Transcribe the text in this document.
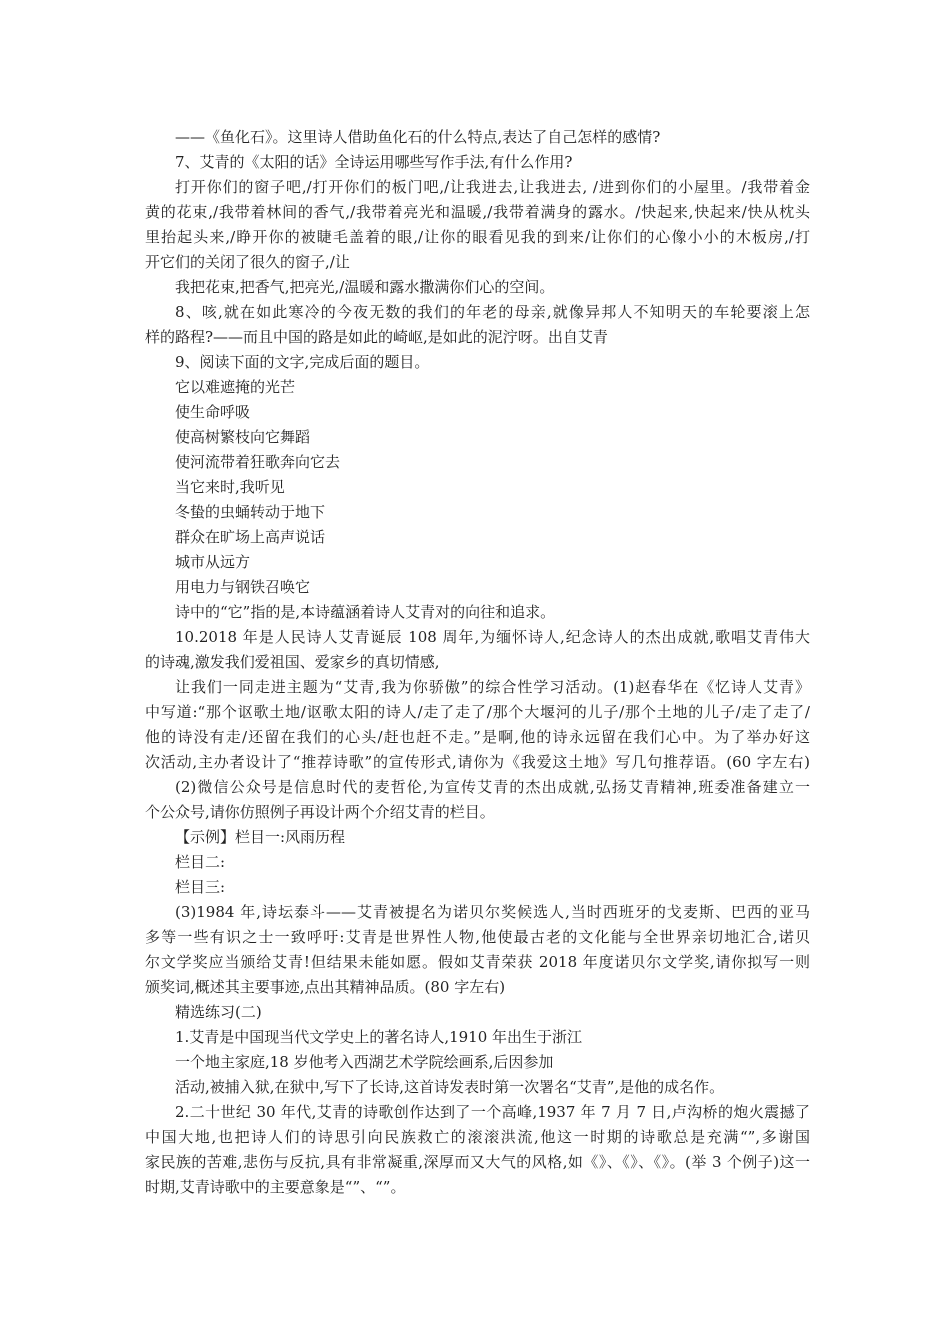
——《鱼化石》。这里诗人借助鱼化石的什么特点,表达了自己怎样的感情?
7、艾青的《太阳的话》全诗运用哪些写作手法,有什么作用?
打开你们的窗子吧,/打开你们的板门吧,/让我进去,让我进去, /进到你们的小屋里。/我带着金
黄的花束,/我带着林间的香气,/我带着亮光和温暖,/我带着满身的露水。/快起来,快起来/快从枕头
里抬起头来,/睁开你的被睫毛盖着的眼,/让你的眼看见我的到来/让你们的心像小小的木板房,/打
开它们的关闭了很久的窗子,/让
我把花束,把香气,把亮光,/温暖和露水撒满你们心的空间。
8、咳,就在如此寒冷的今夜无数的我们的年老的母亲,就像异邦人不知明天的车轮要滚上怎
样的路程?——而且中国的路是如此的崎岖,是如此的泥泞呀。出自艾青
9、阅读下面的文字,完成后面的题目。
它以难遮掩的光芒
使生命呼吸
使高树繁枝向它舞蹈
使河流带着狂歌奔向它去
当它来时,我听见
冬蛰的虫蛹转动于地下
群众在旷场上高声说话
城市从远方
用电力与钢铁召唤它
诗中的“它”指的是,本诗蕴涵着诗人艾青对的向往和追求。
10.2018 年是人民诗人艾青诞辰 108 周年,为缅怀诗人,纪念诗人的杰出成就,歌唱艾青伟大
的诗魂,激发我们爱祖国、爱家乡的真切情感,
让我们一同走进主题为“艾青,我为你骄傲”的综合性学习活动。(1)赵春华在《忆诗人艾青》
中写道:“那个讴歌土地/讴歌太阳的诗人/走了走了/那个大堰河的儿子/那个土地的儿子/走了走了/
他的诗没有走/还留在我们的心头/赶也赶不走。”是啊,他的诗永远留在我们心中。为了举办好这
次活动,主办者设计了“推荐诗歌”的宣传形式,请你为《我爱这土地》写几句推荐语。(60 字左右)
(2)微信公众号是信息时代的麦哲伦,为宣传艾青的杰出成就,弘扬艾青精神,班委准备建立一
个公众号,请你仿照例子再设计两个介绍艾青的栏目。
【示例】栏目一:风雨历程
栏目二:
栏目三:
(3)1984 年,诗坛泰斗——艾青被提名为诺贝尔奖候选人,当时西班牙的戈麦斯、巴西的亚马
多等一些有识之士一致呼吁:艾青是世界性人物,他使最古老的文化能与全世界亲切地汇合,诺贝
尔文学奖应当颁给艾青!但结果未能如愿。假如艾青荣获 2018 年度诺贝尔文学奖,请你拟写一则
颁奖词,概述其主要事迹,点出其精神品质。(80 字左右)
精选练习(二)
1.艾青是中国现当代文学史上的著名诗人,1910 年出生于浙江
一个地主家庭,18 岁他考入西湖艺术学院绘画系,后因参加
活动,被捕入狱,在狱中,写下了长诗,这首诗发表时第一次署名“艾青”,是他的成名作。
2.二十世纪 30 年代,艾青的诗歌创作达到了一个高峰,1937 年 7 月 7 日,卢沟桥的炮火震撼了
中国大地,也把诗人们的诗思引向民族救亡的滚滚洪流,他这一时期的诗歌总是充满“”,多谢国
家民族的苦难,悲伤与反抗,具有非常凝重,深厚而又大气的风格,如《》、《》、《》。(举 3 个例子)这一
时期,艾青诗歌中的主要意象是“”、“”。
